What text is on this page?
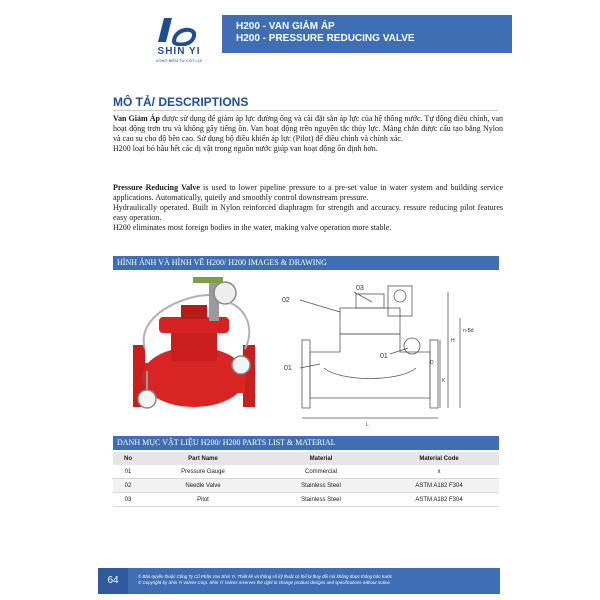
SHIN YI
VÒNG BIẾN TỰ CÓT LỢI
H200 - VAN GIẢM ÁP
H200 - PRESSURE REDUCING VALVE
MÔ TẢ/ DESCRIPTIONS
Van Giảm Áp được sử dụng để giảm áp lực đường ống và cài đặt sẵn áp lực của hệ thống nước. Tự động điều chỉnh, van hoạt động trơn tru và không gây tiếng ồn. Van hoạt động trên nguyên tắc thủy lực. Màng chắn được cấu tạo bằng Nylon và cao su cho độ bền cao. Sử dụng bộ điều khiển áp lực (Pilot) để điều chỉnh và chính xác.
H200 loại bỏ hầu hết các dị vật trong nguồn nước giúp van hoạt động ổn định hơn.
Pressure Reducing Valve is used to lower pipeline pressure to a pre-set value in water system and building service applications. Automatically, quietly and smoothly control downstream pressure.
Hydraulically operated. Built in Nylon reinforced diaphragm for strength and accuracy. ressure reducing pilot features easy operation.
H200 eliminates most foreign bodies in the water, making valve operation more stable.
HÌNH ẢNH VÀ HÌNH VẼ H200/ H200 IMAGES & DRAWING
02
03
01
01
H
n-Bd
D
K
L
DANH MỤC VẬT LIỆU H200/ H200 PARTS LIST & MATERIAL
No	Part Name	Material	Material Code
01	Pressure Gauge	Commercial	x
02	Needle Valve	Stainless Steel	ASTM A182 F304
03	Pilot	Stainless Steel	ASTM A182 F304
64	© Bản quyền thuộc Công Ty Cổ Phần Van Shin Yi. Thiết kế và thông số kỹ thuật có thể bị thay đổi mà không được thông báo trước
© Copyright by Shin Yi Valves Corp. Shin Yi Valves reserves the right to change product designs and specifications without notice.
